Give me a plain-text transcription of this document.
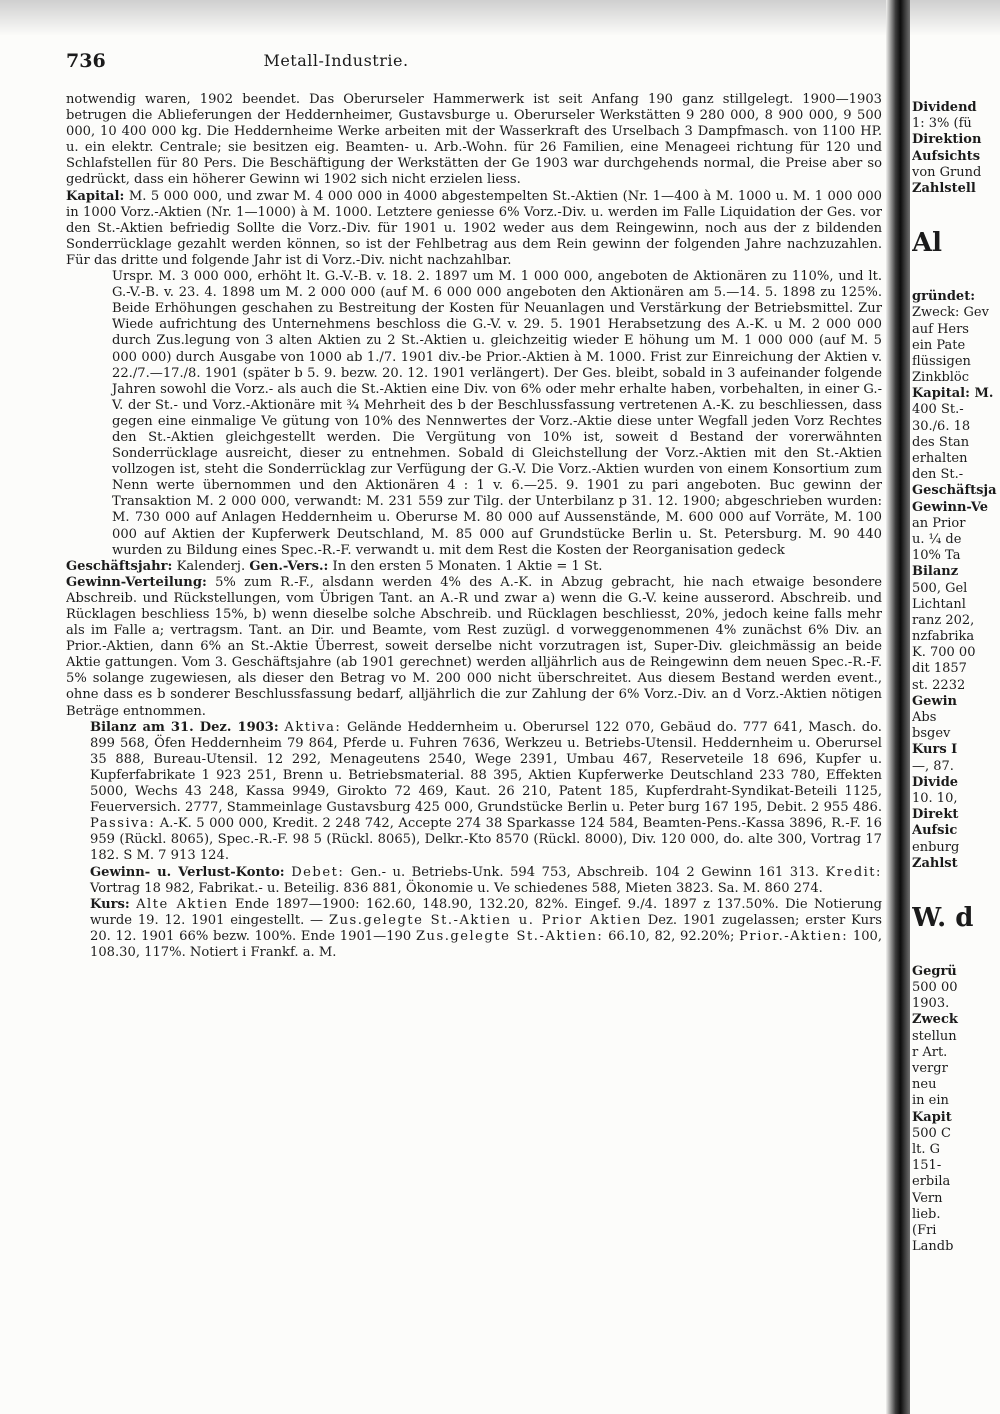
736	Metall-Industrie.

notwendig waren, 1902 beendet. Das Oberurseler Hammerwerk ist seit Anfang 190 ganz stillgelegt. 1900—1903 betrugen die Ablieferungen der Heddernheimer, Gustavsburge u. Oberurseler Werkstätten 9 280 000, 8 900 000, 9 500 000, 10 400 000 kg. Die Heddernheime Werke arbeiten mit der Wasserkraft des Urselbach 3 Dampfmasch. von 1100 HP. u. ein elektr. Centrale; sie besitzen eig. Beamten- u. Arb.-Wohn. für 26 Familien, eine Menageei richtung für 120 und Schlafstellen für 80 Pers. Die Beschäftigung der Werkstätten der Ge 1903 war durchgehends normal, die Preise aber so gedrückt, dass ein höherer Gewinn wi 1902 sich nicht erzielen liess.

Kapital: M. 5 000 000, und zwar M. 4 000 000 in 4000 abgestempelten St.-Aktien (Nr. 1—400 à M. 1000 u. M. 1 000 000 in 1000 Vorz.-Aktien (Nr. 1—1000) à M. 1000. Letztere geniesse 6% Vorz.-Div. u. werden im Falle Liquidation der Ges. vor den St.-Aktien befriedig Sollte die Vorz.-Div. für 1901 u. 1902 weder aus dem Reingewinn, noch aus der z bildenden Sonderrücklage gezahlt werden können, so ist der Fehlbetrag aus dem Rein gewinn der folgenden Jahre nachzuzahlen. Für das dritte und folgende Jahr ist di Vorz.-Div. nicht nachzahlbar.

Urspr. M. 3 000 000, erhöht lt. G.-V.-B. v. 18. 2. 1897 um M. 1 000 000, angeboten de Aktionären zu 110%, und lt. G.-V.-B. v. 23. 4. 1898 um M. 2 000 000 (auf M. 6 000 000 angeboten den Aktionären am 5.—14. 5. 1898 zu 125%. Beide Erhöhungen geschahen zu Bestreitung der Kosten für Neuanlagen und Verstärkung der Betriebsmittel. Zur Wiede aufrichtung des Unternehmens beschloss die G.-V. v. 29. 5. 1901 Herabsetzung des A.-K. u M. 2 000 000 durch Zus.legung von 3 alten Aktien zu 2 St.-Aktien u. gleichzeitig wieder E höhung um M. 1 000 000 (auf M. 5 000 000) durch Ausgabe von 1000 ab 1./7. 1901 div.-be Prior.-Aktien à M. 1000. Frist zur Einreichung der Aktien v. 22./7.—17./8. 1901 (später b 5. 9. bezw. 20. 12. 1901 verlängert). Der Ges. bleibt, sobald in 3 aufeinander folgende Jahren sowohl die Vorz.- als auch die St.-Aktien eine Div. von 6% oder mehr erhalte haben, vorbehalten, in einer G.-V. der St.- und Vorz.-Aktionäre mit ¾ Mehrheit des b der Beschlussfassung vertretenen A.-K. zu beschliessen, dass gegen eine einmalige Ve gütung von 10% des Nennwertes der Vorz.-Aktie diese unter Wegfall jeden Vorz Rechtes den St.-Aktien gleichgestellt werden. Die Vergütung von 10% ist, soweit d Bestand der vorerwähnten Sonderrücklage ausreicht, dieser zu entnehmen. Sobald di Gleichstellung der Vorz.-Aktien mit den St.-Aktien vollzogen ist, steht die Sonderrücklag zur Verfügung der G.-V. Die Vorz.-Aktien wurden von einem Konsortium zum Nenn werte übernommen und den Aktionären 4 : 1 v. 6.—25. 9. 1901 zu pari angeboten. Buc gewinn der Transaktion M. 2 000 000, verwandt: M. 231 559 zur Tilg. der Unterbilanz p 31. 12. 1900; abgeschrieben wurden: M. 730 000 auf Anlagen Heddernheim u. Oberurse M. 80 000 auf Aussenstände, M. 600 000 auf Vorräte, M. 100 000 auf Aktien der Kupferwerk Deutschland, M. 85 000 auf Grundstücke Berlin u. St. Petersburg. M. 90 440 wurden zu Bildung eines Spec.-R.-F. verwandt u. mit dem Rest die Kosten der Reorganisation gedeck

Geschäftsjahr: Kalenderj. Gen.-Vers.: In den ersten 5 Monaten. 1 Aktie = 1 St.

Gewinn-Verteilung: 5% zum R.-F., alsdann werden 4% des A.-K. in Abzug gebracht, hie nach etwaige besondere Abschreib. und Rückstellungen, vom Übrigen Tant. an A.-R und zwar a) wenn die G.-V. keine ausserord. Abschreib. und Rücklagen beschliess 15%, b) wenn dieselbe solche Abschreib. und Rücklagen beschliesst, 20%, jedoch keine falls mehr als im Falle a; vertragsm. Tant. an Dir. und Beamte, vom Rest zuzügl. d vorweggenommenen 4% zunächst 6% Div. an Prior.-Aktien, dann 6% an St.-Aktie Überrest, soweit derselbe nicht vorzutragen ist, Super-Div. gleichmässig an beide Aktie gattungen. Vom 3. Geschäftsjahre (ab 1901 gerechnet) werden alljährlich aus de Reingewinn dem neuen Spec.-R.-F. 5% solange zugewiesen, als dieser den Betrag vo M. 200 000 nicht überschreitet. Aus diesem Bestand werden event., ohne dass es b sonderer Beschlussfassung bedarf, alljährlich die zur Zahlung der 6% Vorz.-Div. an d Vorz.-Aktien nötigen Beträge entnommen.

Bilanz am 31. Dez. 1903: Aktiva: Gelände Heddernheim u. Oberursel 122 070, Gebäud do. 777 641, Masch. do. 899 568, Öfen Heddernheim 79 864, Pferde u. Fuhren 7636, Werkzeu u. Betriebs-Utensil. Heddernheim u. Oberursel 35 888, Bureau-Utensil. 12 292, Menageutens 2540, Wege 2391, Umbau 467, Reserveteile 18 696, Kupfer u. Kupferfabrikate 1 923 251, Brenn u. Betriebsmaterial. 88 395, Aktien Kupferwerke Deutschland 233 780, Effekten 5000, Wechs 43 248, Kassa 9949, Girokto 72 469, Kaut. 26 210, Patent 185, Kupferdraht-Syndikat-Beteili 1125, Feuerversich. 2777, Stammeinlage Gustavsburg 425 000, Grundstücke Berlin u. Peter burg 167 195, Debit. 2 955 486. Passiva: A.-K. 5 000 000, Kredit. 2 248 742, Accepte 274 38 Sparkasse 124 584, Beamten-Pens.-Kassa 3896, R.-F. 16 959 (Rückl. 8065), Spec.-R.-F. 98 5 (Rückl. 8065), Delkr.-Kto 8570 (Rückl. 8000), Div. 120 000, do. alte 300, Vortrag 17 182. S M. 7 913 124.

Gewinn- u. Verlust-Konto: Debet: Gen.- u. Betriebs-Unk. 594 753, Abschreib. 104 2 Gewinn 161 313. Kredit: Vortrag 18 982, Fabrikat.- u. Beteilig. 836 881, Ökonomie u. Ve schiedenes 588, Mieten 3823. Sa. M. 860 274.

Kurs: Alte Aktien Ende 1897—1900: 162.60, 148.90, 132.20, 82%. Eingef. 9./4. 1897 z 137.50%. Die Notierung wurde 19. 12. 1901 eingestellt. — Zus.gelegte St.-Aktien u. Prior Aktien Dez. 1901 zugelassen; erster Kurs 20. 12. 1901 66% bezw. 100%. Ende 1901—190 Zus.gelegte St.-Aktien: 66.10, 82, 92.20%; Prior.-Aktien: 100, 108.30, 117%. Notiert i Frankf. a. M.

Dividend
1: 3% (fü
Direktion
Aufsichts
von Grund
Zahlstell
Al
gründet:
Zweck: Gev
auf Hers
ein Pate
flüssigen
Zinkblöc
Kapital: M.
400 St.-
30./6. 18
des Stan
erhalten
den St.-
Geschäftsja
Gewinn-Ve
an Prior
u. ¼ de
10% Ta
Bilanz
500, Gel
Lichtanl
ranz 202,
nzfabrika
K. 700 00
dit 1857
st. 2232
Gewin
Abs
bsgev
Kurs I
—, 87.
Divide
10. 10,
Direkt
Aufsic
enburg
Zahlst
W. d
Gegrü
500 00
1903.
Zweck
stellun
r Art.
vergr
neu
in ein
Kapit
500 C
lt. G
151-
erbila
Vern
lieb.
(Fri
Landb
